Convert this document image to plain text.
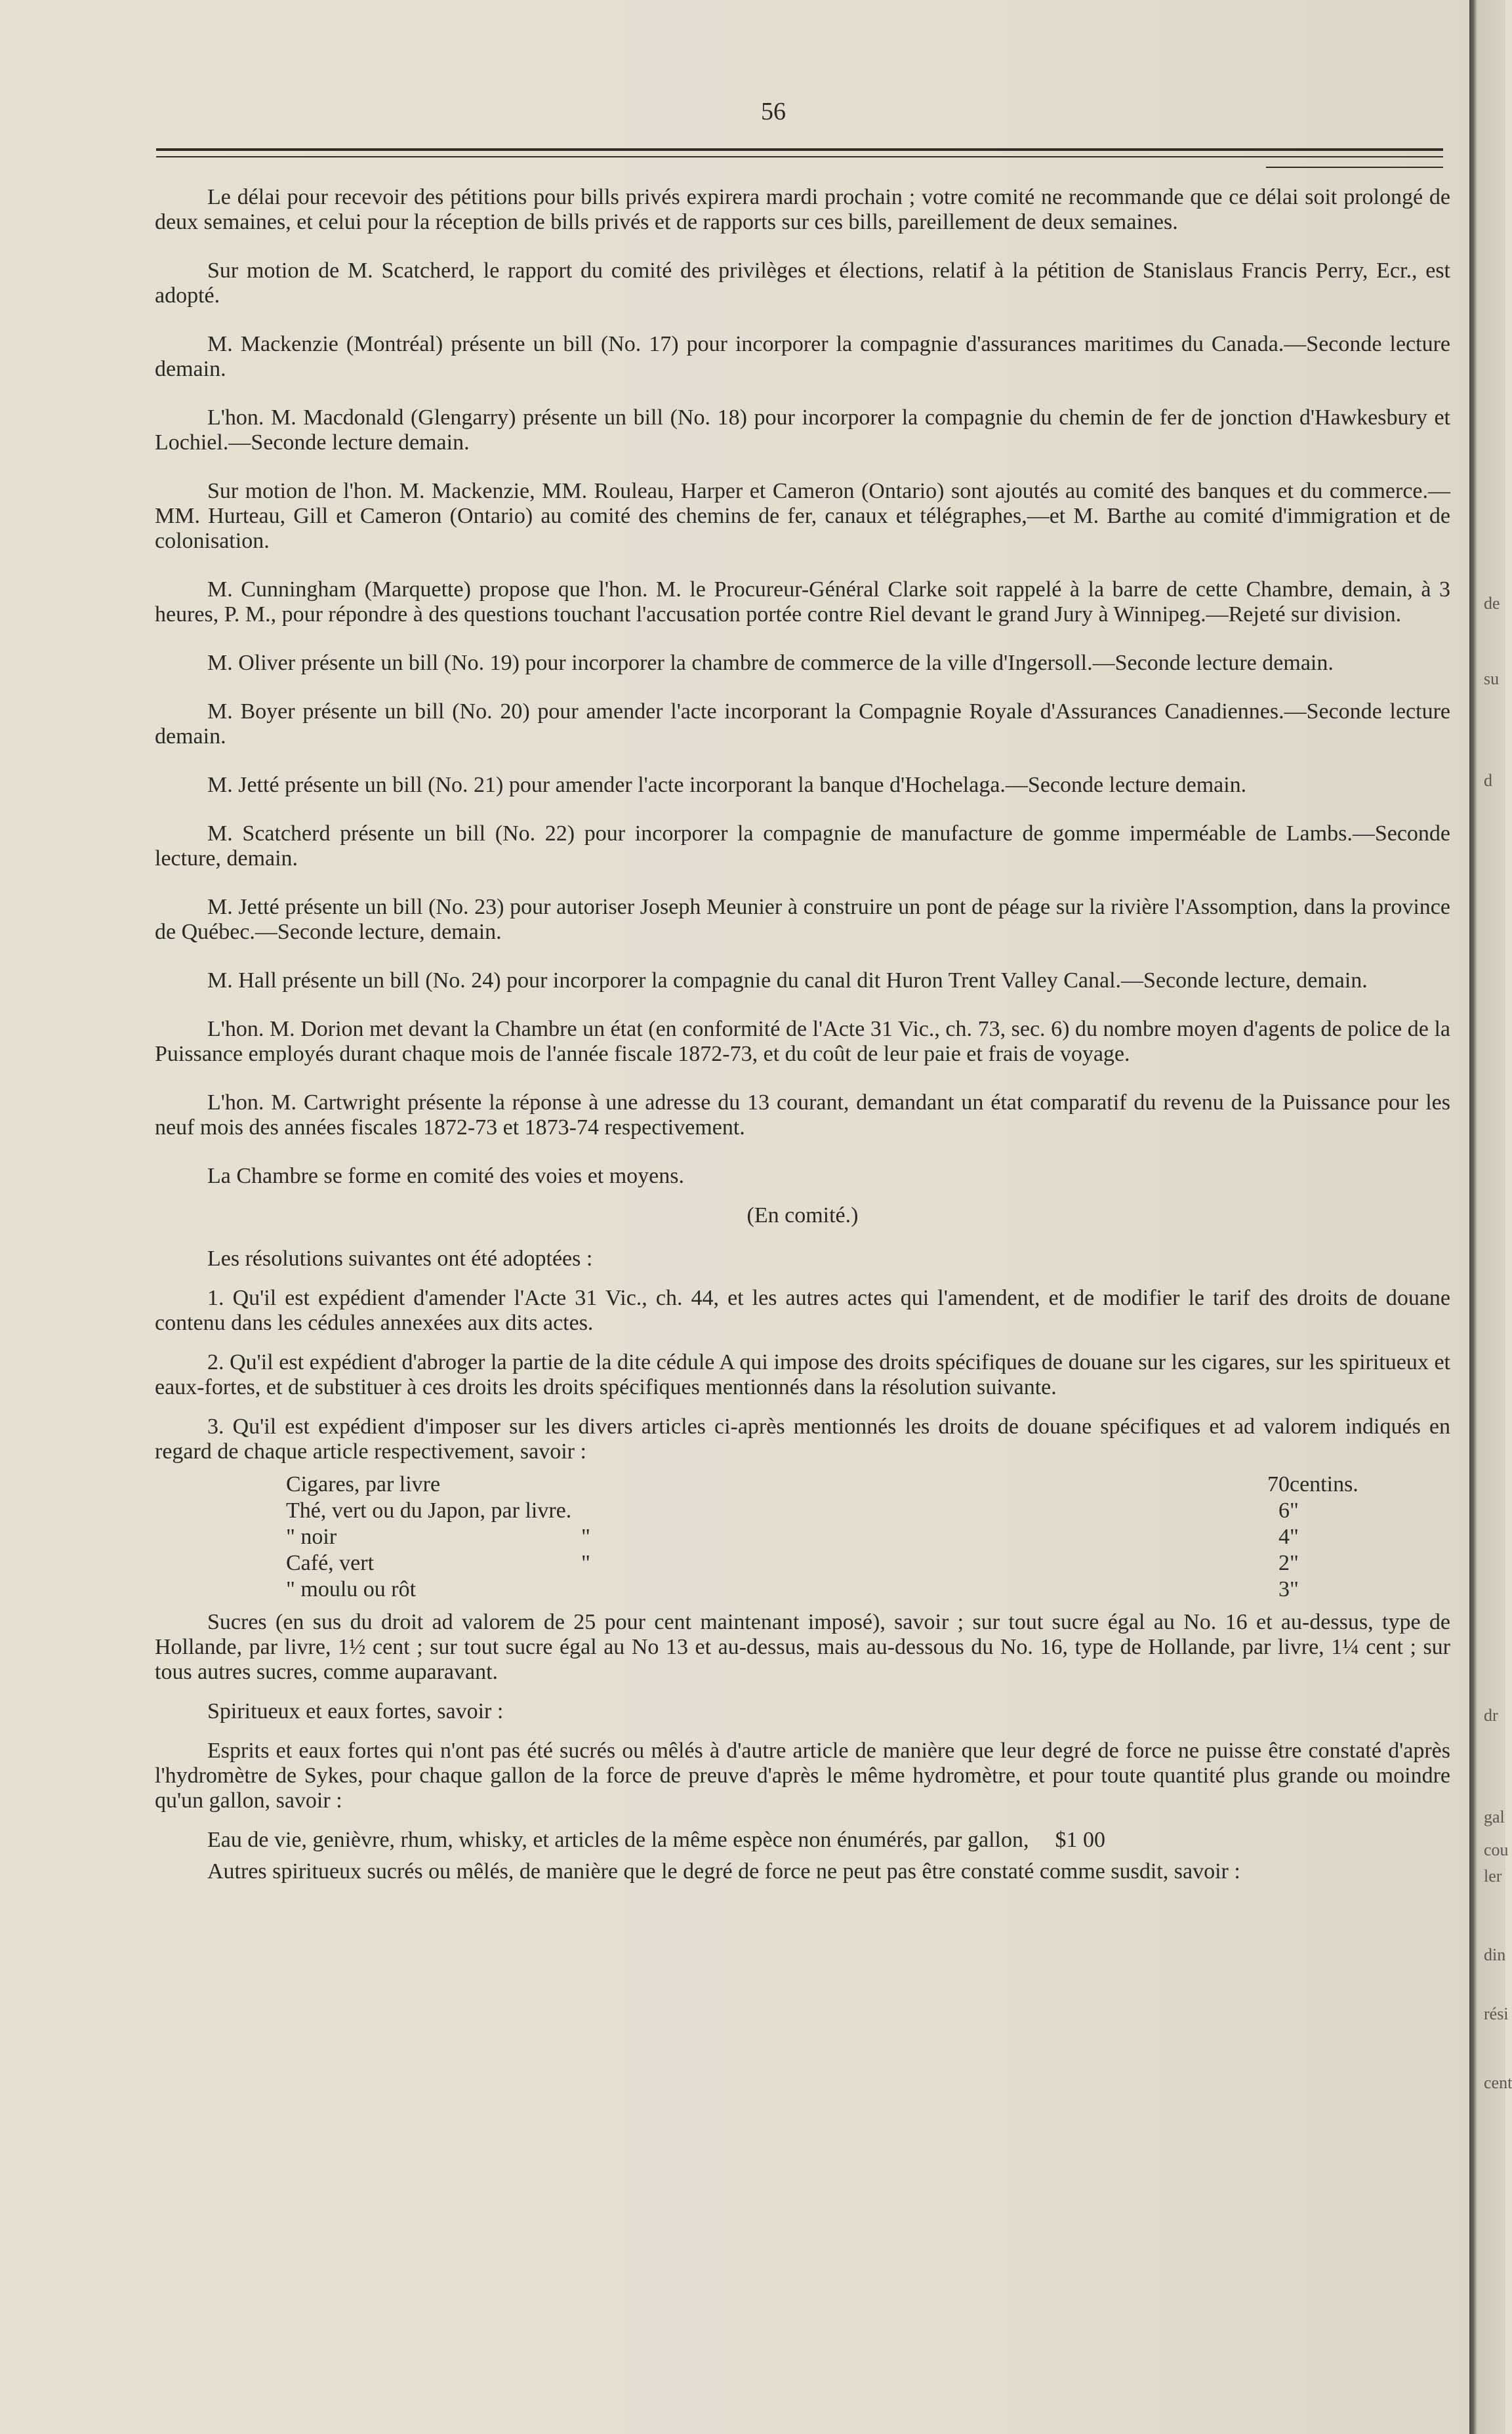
56

Le délai pour recevoir des pétitions pour bills privés expirera mardi prochain ; votre comité ne recommande que ce délai soit prolongé de deux semaines, et celui pour la réception de bills privés et de rapports sur ces bills, pareillement de deux semaines.

Sur motion de M. Scatcherd, le rapport du comité des privilèges et élections, relatif à la pétition de Stanislaus Francis Perry, Ecr., est adopté.

M. Mackenzie (Montréal) présente un bill (No. 17) pour incorporer la compagnie d'assurances maritimes du Canada.—Seconde lecture demain.

L'hon. M. Macdonald (Glengarry) présente un bill (No. 18) pour incorporer la compagnie du chemin de fer de jonction d'Hawkesbury et Lochiel.—Seconde lecture demain.

Sur motion de l'hon. M. Mackenzie, MM. Rouleau, Harper et Cameron (Ontario) sont ajoutés au comité des banques et du commerce.—MM. Hurteau, Gill et Cameron (Ontario) au comité des chemins de fer, canaux et télégraphes,—et M. Barthe au comité d'immigration et de colonisation.

M. Cunningham (Marquette) propose que l'hon. M. le Procureur-Général Clarke soit rappelé à la barre de cette Chambre, demain, à 3 heures, P. M., pour répondre à des questions touchant l'accusation portée contre Riel devant le grand Jury à Winnipeg.—Rejeté sur division.

M. Oliver présente un bill (No. 19) pour incorporer la chambre de commerce de la ville d'Ingersoll.—Seconde lecture demain.

M. Boyer présente un bill (No. 20) pour amender l'acte incorporant la Compagnie Royale d'Assurances Canadiennes.—Seconde lecture demain.

M. Jetté présente un bill (No. 21) pour amender l'acte incorporant la banque d'Hochelaga.—Seconde lecture demain.

M. Scatcherd présente un bill (No. 22) pour incorporer la compagnie de manufacture de gomme imperméable de Lambs.—Seconde lecture, demain.

M. Jetté présente un bill (No. 23) pour autoriser Joseph Meunier à construire un pont de péage sur la rivière l'Assomption, dans la province de Québec.—Seconde lecture, demain.

M. Hall présente un bill (No. 24) pour incorporer la compagnie du canal dit Huron Trent Valley Canal.—Seconde lecture, demain.

L'hon. M. Dorion met devant la Chambre un état (en conformité de l'Acte 31 Vic., ch. 73, sec. 6) du nombre moyen d'agents de police de la Puissance employés durant chaque mois de l'année fiscale 1872-73, et du coût de leur paie et frais de voyage.

L'hon. M. Cartwright présente la réponse à une adresse du 13 courant, demandant un état comparatif du revenu de la Puissance pour les neuf mois des années fiscales 1872-73 et 1873-74 respectivement.

La Chambre se forme en comité des voies et moyens.

(En comité.)

Les résolutions suivantes ont été adoptées :

1. Qu'il est expédient d'amender l'Acte 31 Vic., ch. 44, et les autres actes qui l'amendent, et de modifier le tarif des droits de douane contenu dans les cédules annexées aux dits actes.

2. Qu'il est expédient d'abroger la partie de la dite cédule A qui impose des droits spécifiques de douane sur les cigares, sur les spiritueux et eaux-fortes, et de substituer à ces droits les droits spécifiques mentionnés dans la résolution suivante.

3. Qu'il est expédient d'imposer sur les divers articles ci-après mentionnés les droits de douane spécifiques et ad valorem indiqués en regard de chaque article respectivement, savoir :

Cigares, par livre		70	centins.
Thé, vert ou du Japon, par livre.		6	"
" noir	"	4	"
Café, vert	"	2	"
" moulu ou rôt		3	"

Sucres (en sus du droit ad valorem de 25 pour cent maintenant imposé), savoir ; sur tout sucre égal au No. 16 et au-dessus, type de Hollande, par livre, 1½ cent ; sur tout sucre égal au No 13 et au-dessus, mais au-dessous du No. 16, type de Hollande, par livre, 1¼ cent ; sur tous autres sucres, comme auparavant.

Spiritueux et eaux fortes, savoir :

Esprits et eaux fortes qui n'ont pas été sucrés ou mêlés à d'autre article de manière que leur degré de force ne puisse être constaté d'après l'hydromètre de Sykes, pour chaque gallon de la force de preuve d'après le même hydromètre, et pour toute quantité plus grande ou moindre qu'un gallon, savoir :

Eau de vie, genièvre, rhum, whisky, et articles de la même espèce non énumérés, par gallon, $1 00

Autres spiritueux sucrés ou mêlés, de manière que le degré de force ne peut pas être constaté comme susdit, savoir :

de
su
d
dr
gal
cou
ler
din
rési
cent
